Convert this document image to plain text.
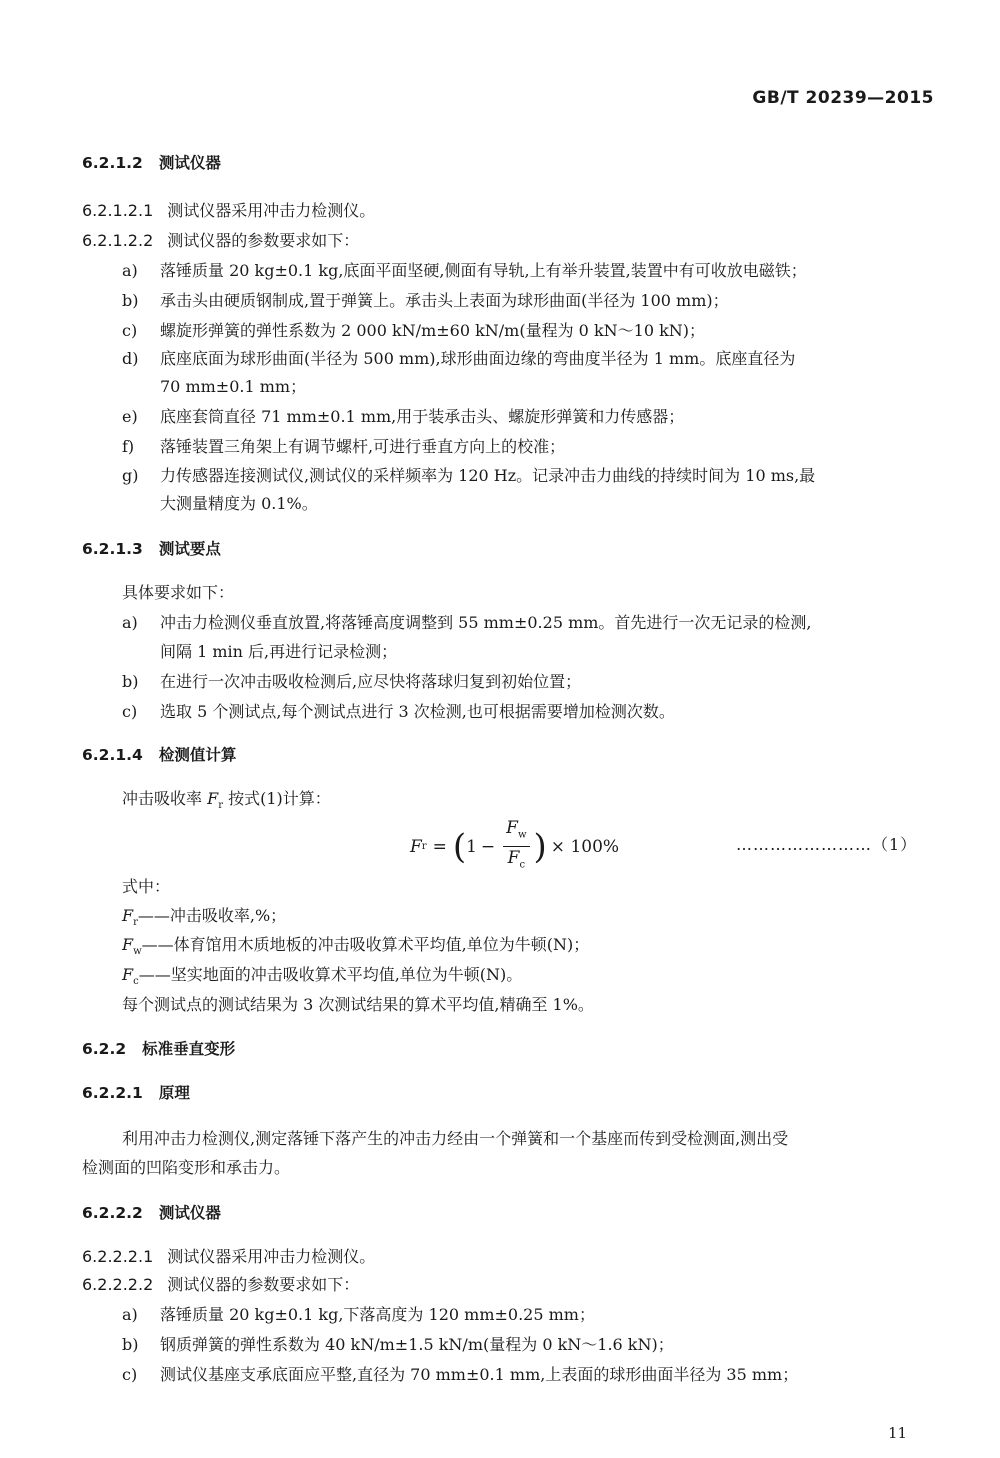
GB/T 20239—2015
6.2.1.2 测试仪器
6.2.1.2.1 测试仪器采用冲击力检测仪。
6.2.1.2.2 测试仪器的参数要求如下：
a) 落锤质量 20 kg±0.1 kg,底面平面坚硬,侧面有导轨,上有举升装置,装置中有可收放电磁铁；
b) 承击头由硬质钢制成,置于弹簧上。承击头上表面为球形曲面(半径为 100 mm)；
c) 螺旋形弹簧的弹性系数为 2 000 kN/m±60 kN/m(量程为 0 kN～10 kN)；
d) 底座底面为球形曲面(半径为 500 mm),球形曲面边缘的弯曲度半径为 1 mm。底座直径为
70 mm±0.1 mm；
e) 底座套筒直径 71 mm±0.1 mm,用于装承击头、螺旋形弹簧和力传感器；
f) 落锤装置三角架上有调节螺杆,可进行垂直方向上的校准；
g) 力传感器连接测试仪,测试仪的采样频率为 120 Hz。记录冲击力曲线的持续时间为 10 ms,最
大测量精度为 0.1%。
6.2.1.3 测试要点
具体要求如下：
a) 冲击力检测仪垂直放置,将落锤高度调整到 55 mm±0.25 mm。首先进行一次无记录的检测,
间隔 1 min 后,再进行记录检测；
b) 在进行一次冲击吸收检测后,应尽快将落球归复到初始位置；
c) 选取 5 个测试点,每个测试点进行 3 次检测,也可根据需要增加检测次数。
6.2.1.4 检测值计算
冲击吸收率 $F_r$ 按式(1)计算：
F r = ( $1 - \frac{F_w}{F_c}$ ) × 100%	……………………（1）
式中：
$F_r——$冲击吸收率,%；
$F_w——$体育馆用木质地板的冲击吸收算术平均值,单位为牛顿(N)；
$F_c——$坚实地面的冲击吸收算术平均值,单位为牛顿(N)。
每个测试点的测试结果为 3 次测试结果的算术平均值,精确至 1%。
6.2.2 标准垂直变形
6.2.2.1 原理
利用冲击力检测仪,测定落锤下落产生的冲击力经由一个弹簧和一个基座而传到受检测面,测出受
检测面的凹陷变形和承击力。
6.2.2.2 测试仪器
6.2.2.2.1 测试仪器采用冲击力检测仪。
6.2.2.2.2 测试仪器的参数要求如下：
a) 落锤质量 20 kg±0.1 kg,下落高度为 120 mm±0.25 mm；
b) 钢质弹簧的弹性系数为 40 kN/m±1.5 kN/m(量程为 0 kN～1.6 kN)；
c) 测试仪基座支承底面应平整,直径为 70 mm±0.1 mm,上表面的球形曲面半径为 35 mm；
11
